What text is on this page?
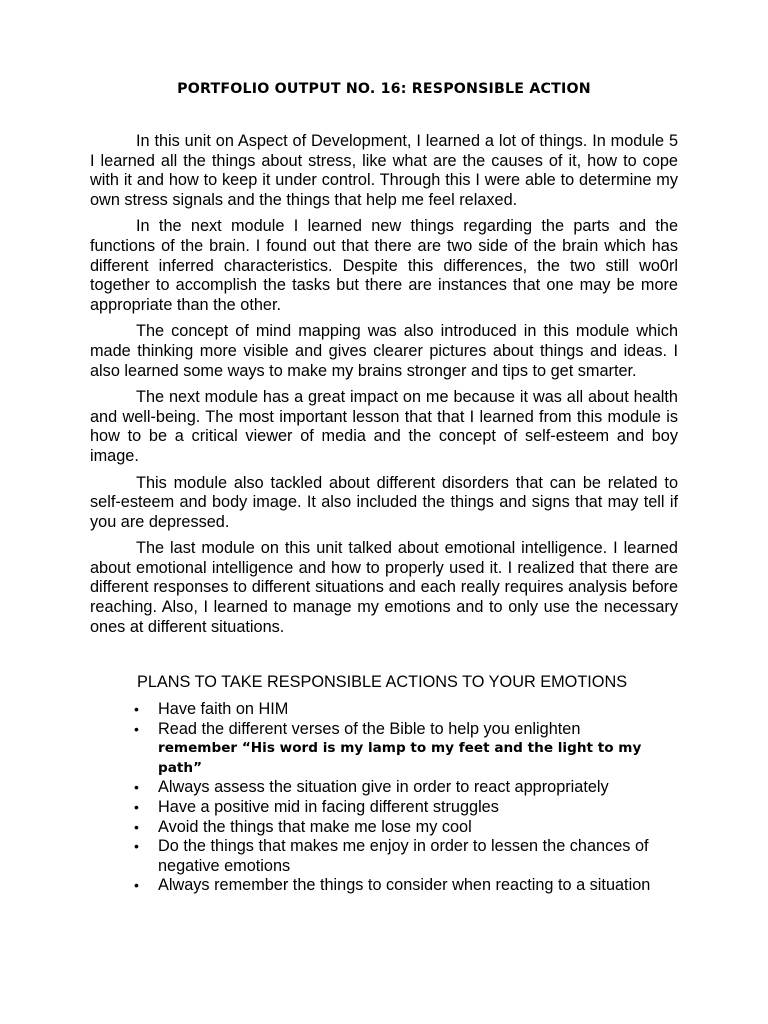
PORTFOLIO OUTPUT NO. 16: RESPONSIBLE ACTION

In this unit on Aspect of Development, I learned a lot of things. In module 5 I learned all the things about stress, like what are the causes of it, how to cope with it and how to keep it under control. Through this I were able to determine my own stress signals and the things that help me feel relaxed.

In the next module I learned new things regarding the parts and the functions of the brain. I found out that there are two side of the brain which has different inferred characteristics. Despite this differences, the two still wo0rl together to accomplish the tasks but there are instances that one may be more appropriate than the other.

The concept of mind mapping was also introduced in this module which made thinking more visible and gives clearer pictures about things and ideas. I also learned some ways to make my brains stronger and tips to get smarter.

The next module has a great impact on me because it was all about health and well-being. The most important lesson that that I learned from this module is how to be a critical viewer of media and the concept of self-esteem and boy image.

This module also tackled about different disorders that can be related to self-esteem and body image. It also included the things and signs that may tell if you are depressed.

The last module on this unit talked about emotional intelligence. I learned about emotional intelligence and how to properly used it. I realized that there are different responses to different situations and each really requires analysis before reaching. Also, I learned to manage my emotions and to only use the necessary ones at different situations.

PLANS TO TAKE RESPONSIBLE ACTIONS TO YOUR EMOTIONS
• Have faith on HIM
• Read the different verses of the Bible to help you enlighten
remember “His word is my lamp to my feet and the light to my path”
• Always assess the situation give in order to react appropriately
• Have a positive mid in facing different struggles
• Avoid the things that make me lose my cool
• Do the things that makes me enjoy in order to lessen the chances of negative emotions
• Always remember the things to consider when reacting to a situation
